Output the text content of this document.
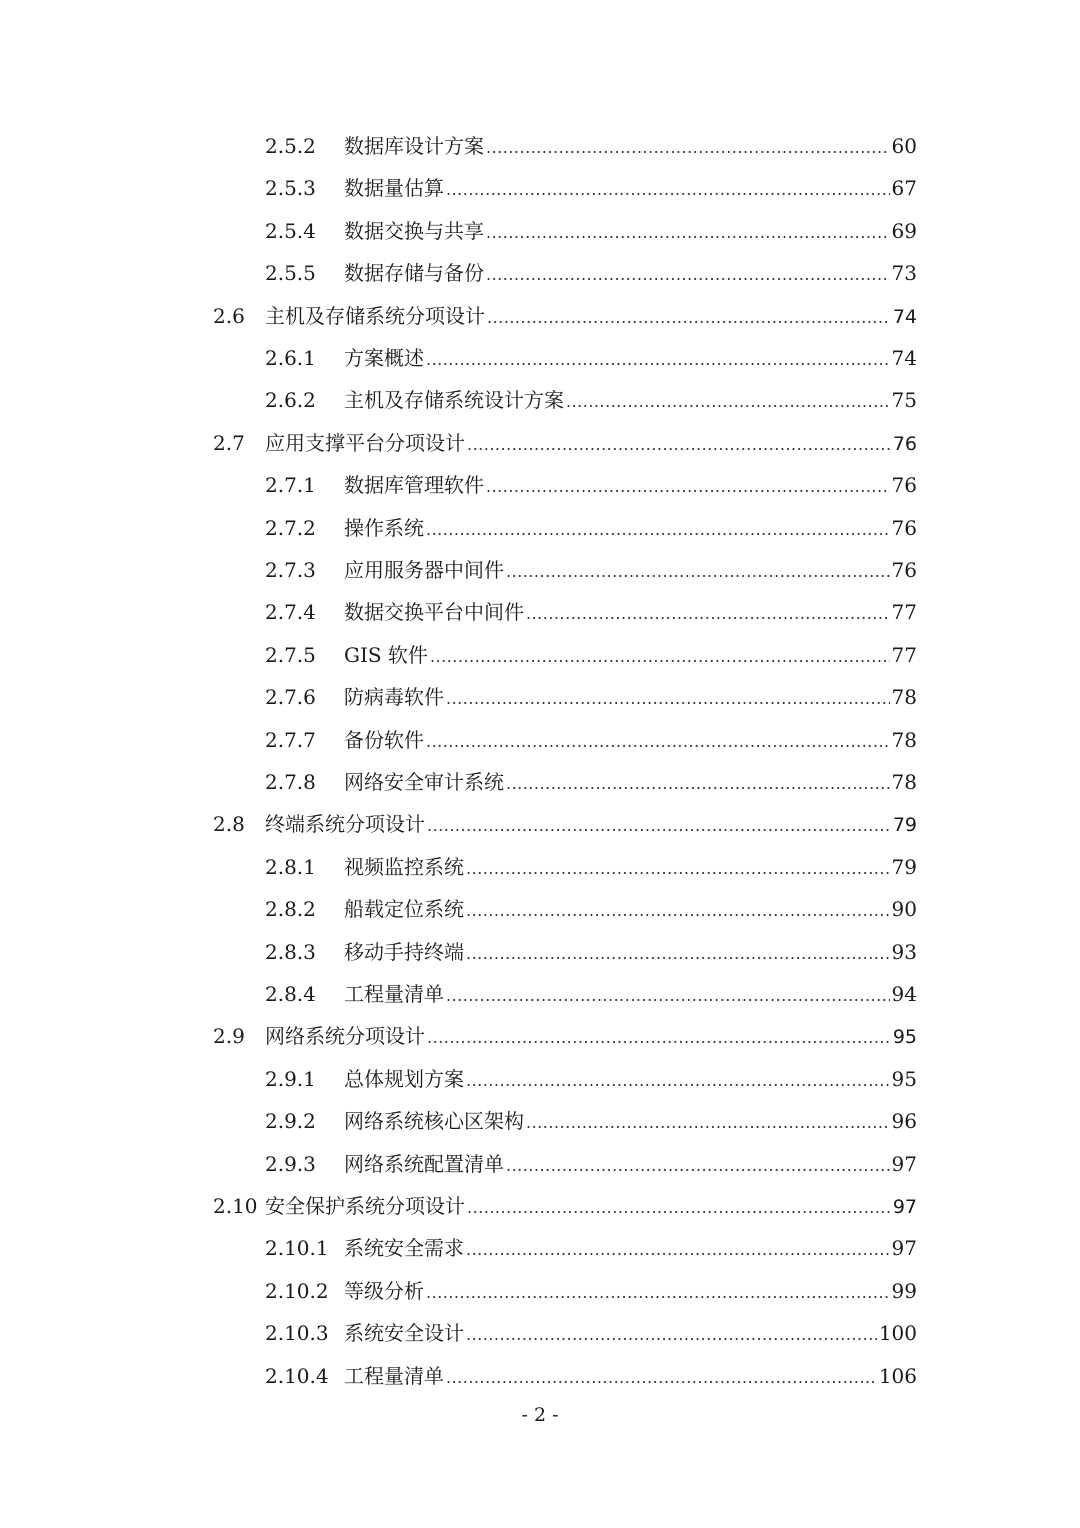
2.5.2	数据库设计方案 .....	60
2.5.3	数据量估算 .....	67
2.5.4	数据交换与共享 .....	69
2.5.5	数据存储与备份 .....	73
2.6	主机及存储系统分项设计 .....	74
2.6.1	方案概述 .....	74
2.6.2	主机及存储系统设计方案 .....	75
2.7	应用支撑平台分项设计 .....	76
2.7.1	数据库管理软件 .....	76
2.7.2	操作系统 .....	76
2.7.3	应用服务器中间件 .....	76
2.7.4	数据交换平台中间件 .....	77
2.7.5	GIS 软件 .....	77
2.7.6	防病毒软件 .....	78
2.7.7	备份软件 .....	78
2.7.8	网络安全审计系统 .....	78
2.8	终端系统分项设计 .....	79
2.8.1	视频监控系统 .....	79
2.8.2	船载定位系统 .....	90
2.8.3	移动手持终端 .....	93
2.8.4	工程量清单 .....	94
2.9	网络系统分项设计 .....	95
2.9.1	总体规划方案 .....	95
2.9.2	网络系统核心区架构 .....	96
2.9.3	网络系统配置清单 .....	97
2.10 安全保护系统分项设计 .....	97
2.10.1 系统安全需求 .....	97
2.10.2 等级分析 .....	99
2.10.3 系统安全设计 .....	100
2.10.4 工程量清单 .....	106
- 2 -
